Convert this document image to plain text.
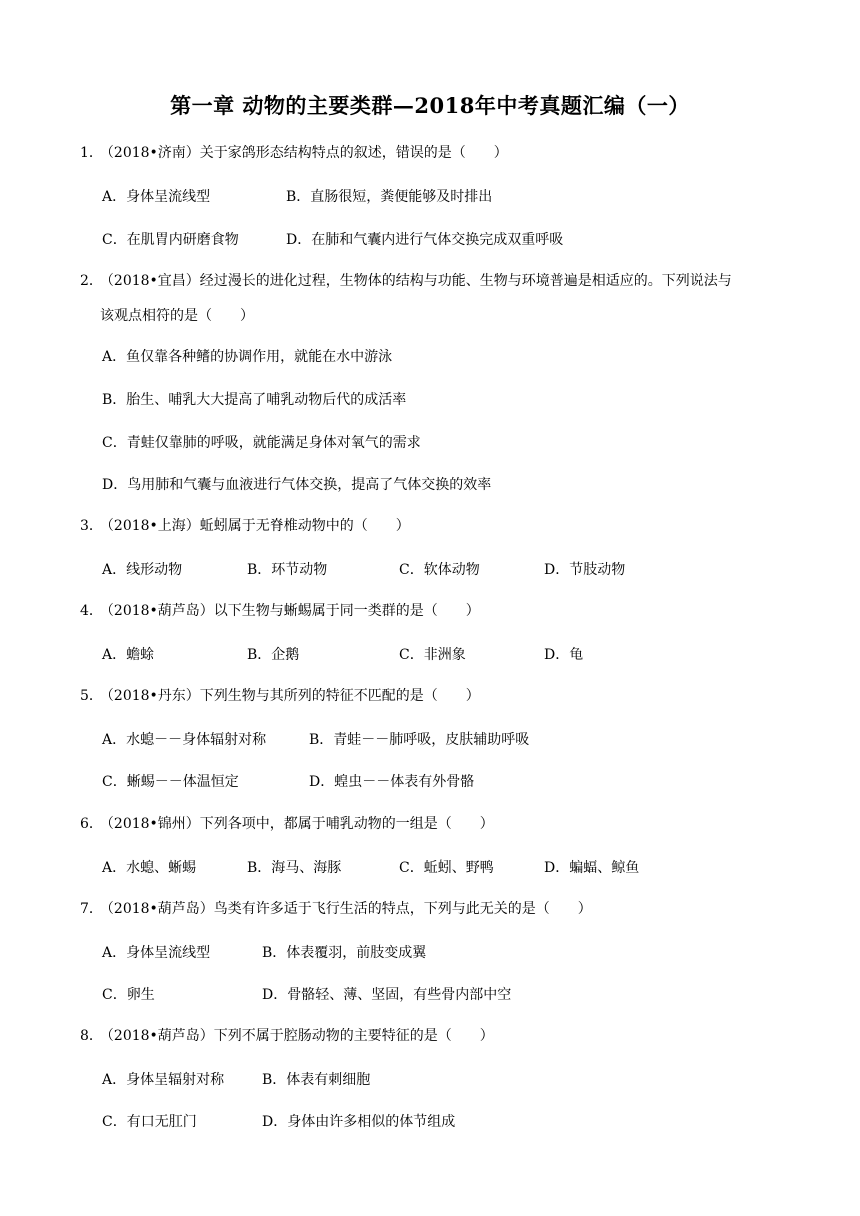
第一章 动物的主要类群—2018年中考真题汇编（一）
1． （2018•济南）关于家鸽形态结构特点的叙述，错误的是（　　）
A．身体呈流线型	B．直肠很短，粪便能够及时排出
C．在肌胃内研磨食物	D．在肺和气囊内进行气体交换完成双重呼吸
2． （2018•宜昌）经过漫长的进化过程，生物体的结构与功能、生物与环境普遍是相适应的。下列说法与
该观点相符的是（　　）
A．鱼仅靠各种鳍的协调作用，就能在水中游泳
B．胎生、哺乳大大提高了哺乳动物后代的成活率
C．青蛙仅靠肺的呼吸，就能满足身体对氧气的需求
D．鸟用肺和气囊与血液进行气体交换，提高了气体交换的效率
3． （2018•上海）蚯蚓属于无脊椎动物中的（　　）
A．线形动物	B．环节动物	C．软体动物	D．节肢动物
4． （2018•葫芦岛）以下生物与蜥蜴属于同一类群的是（　　）
A．蟾蜍	B．企鹅	C．非洲象	D．龟
5． （2018•丹东）下列生物与其所列的特征不匹配的是（　　）
A．水螅－－身体辐射对称	B．青蛙－－肺呼吸，皮肤辅助呼吸
C．蜥蜴－－体温恒定	D．蝗虫－－体表有外骨骼
6． （2018•锦州）下列各项中，都属于哺乳动物的一组是（　　）
A．水螅、蜥蜴	B．海马、海豚	C．蚯蚓、野鸭	D．蝙蝠、鲸鱼
7． （2018•葫芦岛）鸟类有许多适于飞行生活的特点，下列与此无关的是（　　）
A．身体呈流线型	B．体表覆羽，前肢变成翼
C．卵生	D．骨骼轻、薄、坚固，有些骨内部中空
8． （2018•葫芦岛）下列不属于腔肠动物的主要特征的是（　　）
A．身体呈辐射对称	B．体表有刺细胞
C．有口无肛门	D．身体由许多相似的体节组成
